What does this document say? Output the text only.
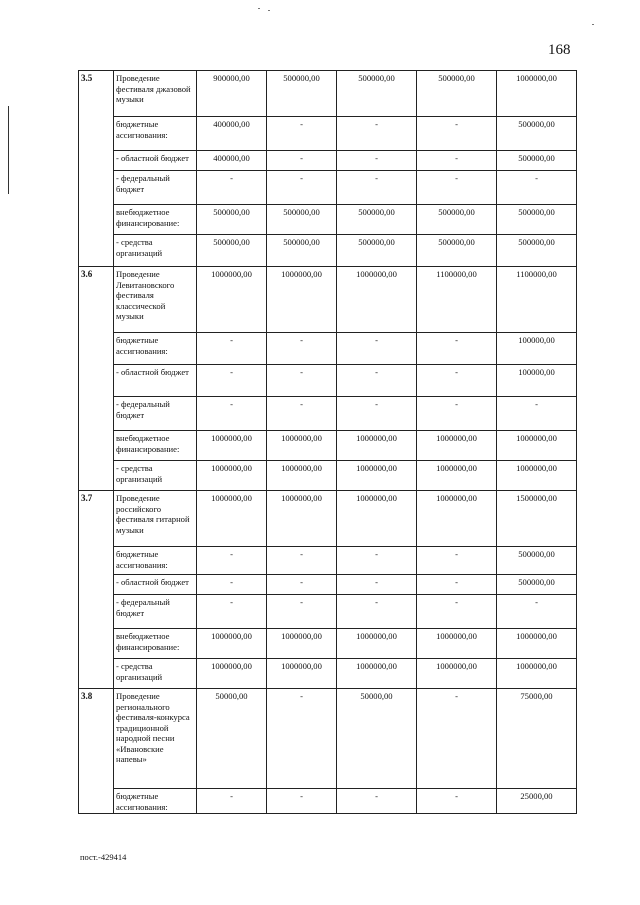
168
3.5	Проведение фестиваля джазовой музыки	900000,00	500000,00	500000,00	500000,00	1000000,00
	бюджетные ассигнования:	400000,00	-	-	-	500000,00
	- областной бюджет	400000,00	-	-	-	500000,00
	- федеральный бюджет	-	-	-	-	-
	внебюджетное финансирование:	500000,00	500000,00	500000,00	500000,00	500000,00
	- средства организаций	500000,00	500000,00	500000,00	500000,00	500000,00
3.6	Проведение Левитановского фестиваля классической музыки	1000000,00	1000000,00	1000000,00	1100000,00	1100000,00
	бюджетные ассигнования:	-	-	-	-	100000,00
	- областной бюджет	-	-	-	-	100000,00
	- федеральный бюджет	-	-	-	-	-
	внебюджетное финансирование:	1000000,00	1000000,00	1000000,00	1000000,00	1000000,00
	- средства организаций	1000000,00	1000000,00	1000000,00	1000000,00	1000000,00
3.7	Проведение российского фестиваля гитарной музыки	1000000,00	1000000,00	1000000,00	1000000,00	1500000,00
	бюджетные ассигнования:	-	-	-	-	500000,00
	- областной бюджет	-	-	-	-	500000,00
	- федеральный бюджет	-	-	-	-	-
	внебюджетное финансирование:	1000000,00	1000000,00	1000000,00	1000000,00	1000000,00
	- средства организаций	1000000,00	1000000,00	1000000,00	1000000,00	1000000,00
3.8	Проведение регионального фестиваля-конкурса традиционной народной песни «Ивановские напевы»	50000,00	-	50000,00	-	75000,00
	бюджетные ассигнования:	-	-	-	-	25000,00
пост.-429414
